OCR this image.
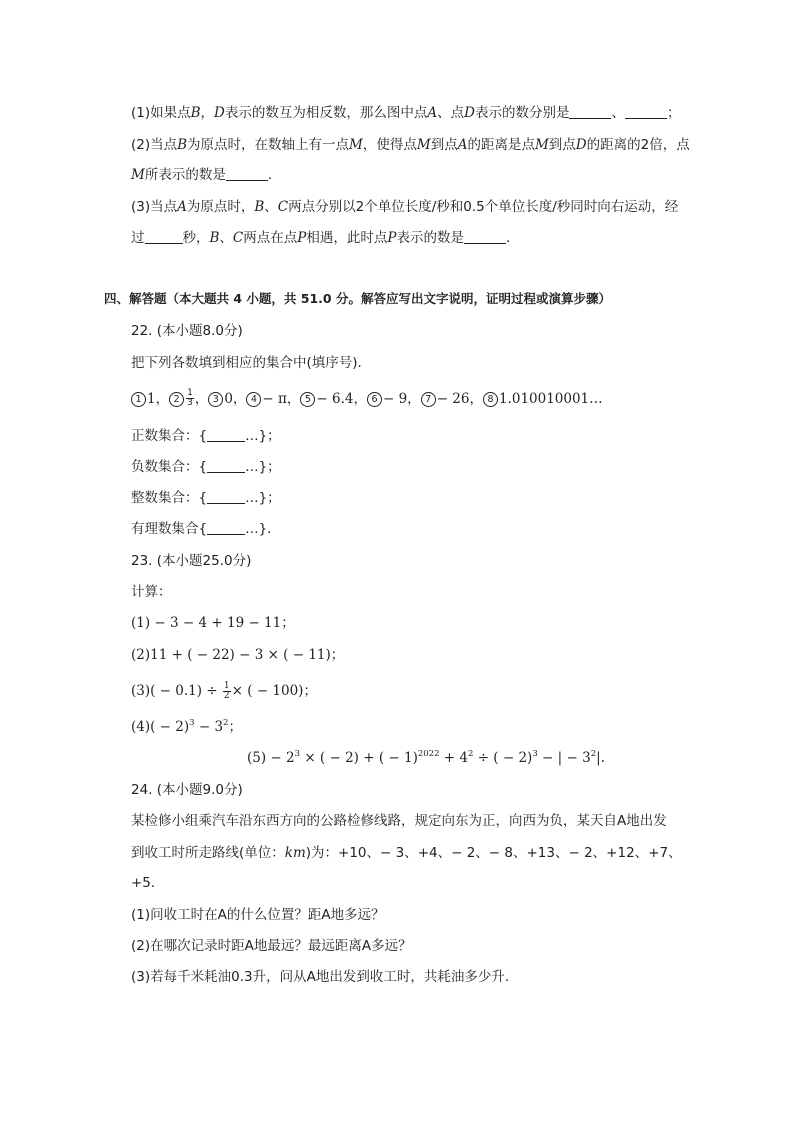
(1)如果点B，D表示的数互为相反数，那么图中点A、点D表示的数分别是	、	；
(2)当点B为原点时，在数轴上有一点M，使得点M到点A的距离是点M到点D的距离的2倍，点
M所表示的数是	．
(3)当点A为原点时，B、C两点分别以2个单位长度/秒和0.5个单位长度/秒同时向右运动，经
过	秒，B、C两点在点P相遇，此时点P表示的数是	．
四、解答题（本大题共 4 小题，共 51.0 分。解答应写出文字说明，证明过程或演算步骤）
22. (本小题8.0分)
把下列各数填到相应的集合中(填序号)．
1 1， $2 \frac{1}{3}$ ， 3 0， 4 − π， 5 − 6.4， 6 − 9， 7 − 26， 8 1.010010001…
正数集合：{	…}；
负数集合：{	…}；
整数集合：{	…}；
有理数集合{	…}．
23. (本小题25.0分)
计算：
(1) − 3 − 4 + 19 − 11；
(2)11 + ( − 22) − 3 × ( − 11)；
$(3)( - 0.1) \div \frac{1}{2}$ × ( − 100)；
$(4)( - 2)^3 - 3^2$；
$(5) - 2^3$ × ( − 2) + ( − $1)^{2022} + 4^2$ ÷ ( − 2)$^3$ − | − $3^2|$.
24. (本小题9.0分)
某检修小组乘汽车沿东西方向的公路检修线路，规定向东为正，向西为负，某天自A地出发
到收工时所走路线(单位：km)为：+10、− 3、+4、− 2、− 8、+13、− 2、+12、+7、
+5．
(1)问收工时在A的什么位置？距A地多远？
(2)在哪次记录时距A地最远？最远距离A多远？
(3)若每千米耗油0.3升，问从A地出发到收工时，共耗油多少升．
